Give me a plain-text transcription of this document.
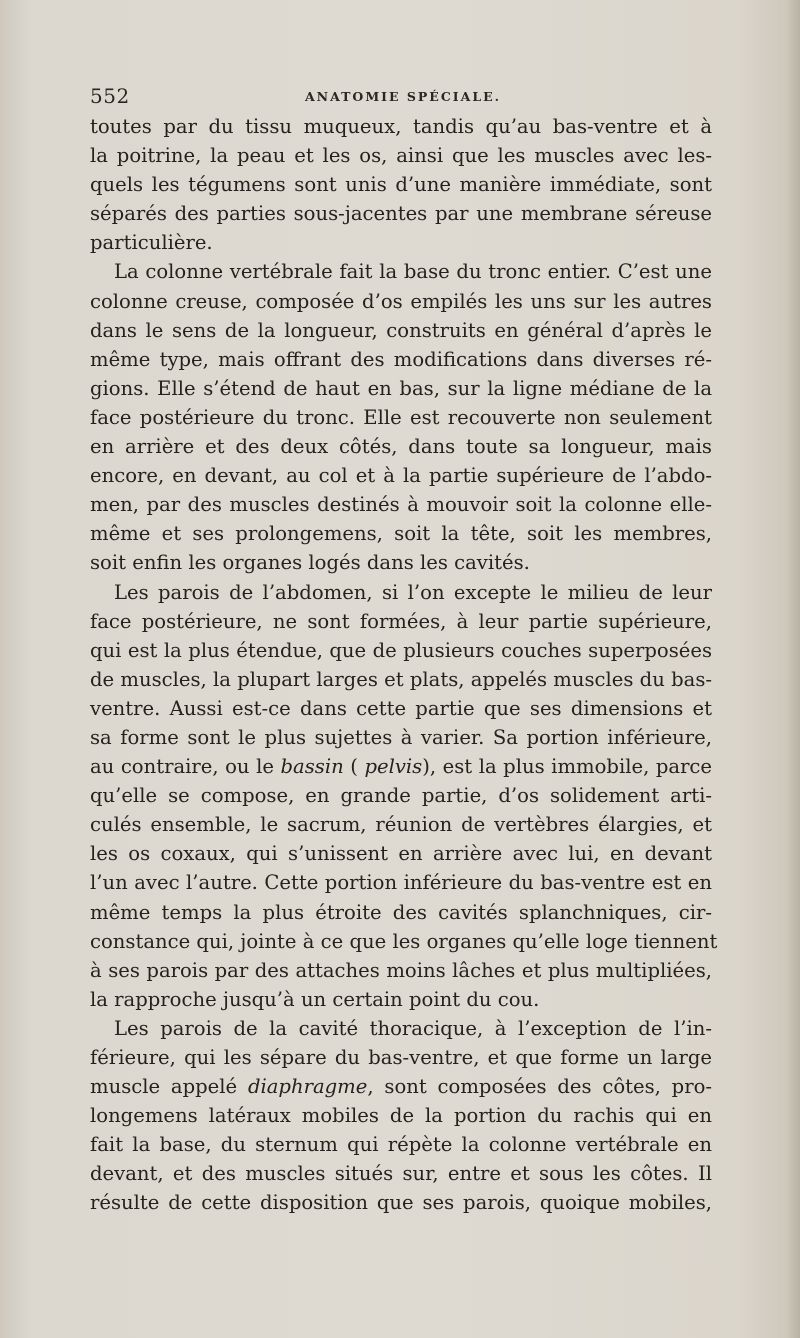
552	ANATOMIE SPÉCIALE.
toutes par du tissu muqueux, tandis qu’au bas-ventre et à
la poitrine, la peau et les os, ainsi que les muscles avec les-
quels les tégumens sont unis d’une manière immédiate, sont
séparés des parties sous-jacentes par une membrane séreuse
particulière.
La colonne vertébrale fait la base du tronc entier. C’est une
colonne creuse, composée d’os empilés les uns sur les autres
dans le sens de la longueur, construits en général d’après le
même type, mais offrant des modifications dans diverses ré-
gions. Elle s’étend de haut en bas, sur la ligne médiane de la
face postérieure du tronc. Elle est recouverte non seulement
en arrière et des deux côtés, dans toute sa longueur, mais
encore, en devant, au col et à la partie supérieure de l’abdo-
men, par des muscles destinés à mouvoir soit la colonne elle-
même et ses prolongemens, soit la tête, soit les membres,
soit enfin les organes logés dans les cavités.
Les parois de l’abdomen, si l’on excepte le milieu de leur
face postérieure, ne sont formées, à leur partie supérieure,
qui est la plus étendue, que de plusieurs couches superposées
de muscles, la plupart larges et plats, appelés muscles du bas-
ventre. Aussi est-ce dans cette partie que ses dimensions et
sa forme sont le plus sujettes à varier. Sa portion inférieure,
au contraire, ou le bassin ( pelvis), est la plus immobile, parce
qu’elle se compose, en grande partie, d’os solidement arti-
culés ensemble, le sacrum, réunion de vertèbres élargies, et
les os coxaux, qui s’unissent en arrière avec lui, en devant
l’un avec l’autre. Cette portion inférieure du bas-ventre est en
même temps la plus étroite des cavités splanchniques, cir-
constance qui, jointe à ce que les organes qu’elle loge tiennent
à ses parois par des attaches moins lâches et plus multipliées,
la rapproche jusqu’à un certain point du cou.
Les parois de la cavité thoracique, à l’exception de l’in-
férieure, qui les sépare du bas-ventre, et que forme un large
muscle appelé diaphragme, sont composées des côtes, pro-
longemens latéraux mobiles de la portion du rachis qui en
fait la base, du sternum qui répète la colonne vertébrale en
devant, et des muscles situés sur, entre et sous les côtes. Il
résulte de cette disposition que ses parois, quoique mobiles,
